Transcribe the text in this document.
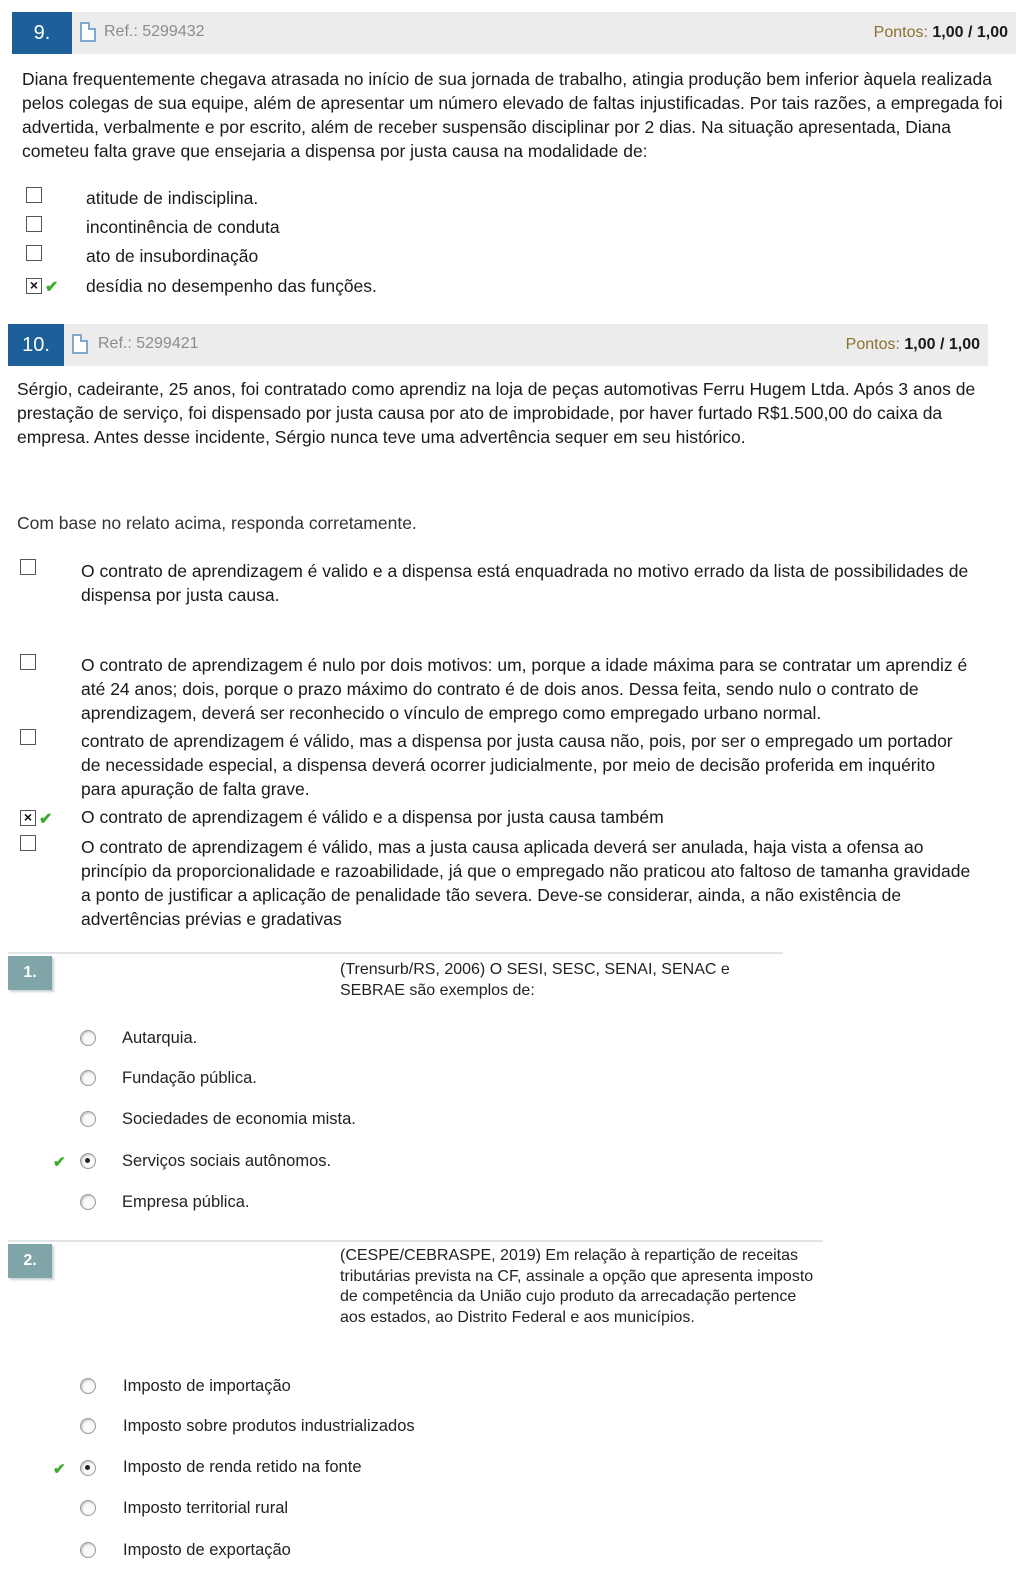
9.	Ref.: 5299432	Pontos: 1,00 / 1,00
Diana frequentemente chegava atrasada no início de sua jornada de trabalho, atingia produção bem inferior àquela realizada pelos colegas de sua equipe, além de apresentar um número elevado de faltas injustificadas. Por tais razões, a empregada foi advertida, verbalmente e por escrito, além de receber suspensão disciplinar por 2 dias. Na situação apresentada, Diana cometeu falta grave que ensejaria a dispensa por justa causa na modalidade de:
atitude de indisciplina.
incontinência de conduta
ato de insubordinação
× ✔ desídia no desempenho das funções.
10.	Ref.: 5299421	Pontos: 1,00 / 1,00
Sérgio, cadeirante, 25 anos, foi contratado como aprendiz na loja de peças automotivas Ferru Hugem Ltda. Após 3 anos de prestação de serviço, foi dispensado por justa causa por ato de improbidade, por haver furtado R$1.500,00 do caixa da empresa. Antes desse incidente, Sérgio nunca teve uma advertência sequer em seu histórico.
Com base no relato acima, responda corretamente.
O contrato de aprendizagem é valido e a dispensa está enquadrada no motivo errado da lista de possibilidades de dispensa por justa causa.
O contrato de aprendizagem é nulo por dois motivos: um, porque a idade máxima para se contratar um aprendiz é até 24 anos; dois, porque o prazo máximo do contrato é de dois anos. Dessa feita, sendo nulo o contrato de aprendizagem, deverá ser reconhecido o vínculo de emprego como empregado urbano normal.
contrato de aprendizagem é válido, mas a dispensa por justa causa não, pois, por ser o empregado um portador de necessidade especial, a dispensa deverá ocorrer judicialmente, por meio de decisão proferida em inquérito para apuração de falta grave.
× ✔ O contrato de aprendizagem é válido e a dispensa por justa causa também
O contrato de aprendizagem é válido, mas a justa causa aplicada deverá ser anulada, haja vista a ofensa ao princípio da proporcionalidade e razoabilidade, já que o empregado não praticou ato faltoso de tamanha gravidade a ponto de justificar a aplicação de penalidade tão severa. Deve-se considerar, ainda, a não existência de advertências prévias e gradativas
1.	(Trensurb/RS, 2006) O SESI, SESC, SENAI, SENAC e SEBRAE são exemplos de:
Autarquia.
Fundação pública.
Sociedades de economia mista.
✔	Serviços sociais autônomos.
Empresa pública.
2.	(CESPE/CEBRASPE, 2019) Em relação à repartição de receitas tributárias prevista na CF, assinale a opção que apresenta imposto de competência da União cujo produto da arrecadação pertence aos estados, ao Distrito Federal e aos municípios.
Imposto de importação
Imposto sobre produtos industrializados
✔	Imposto de renda retido na fonte
Imposto territorial rural
Imposto de exportação
